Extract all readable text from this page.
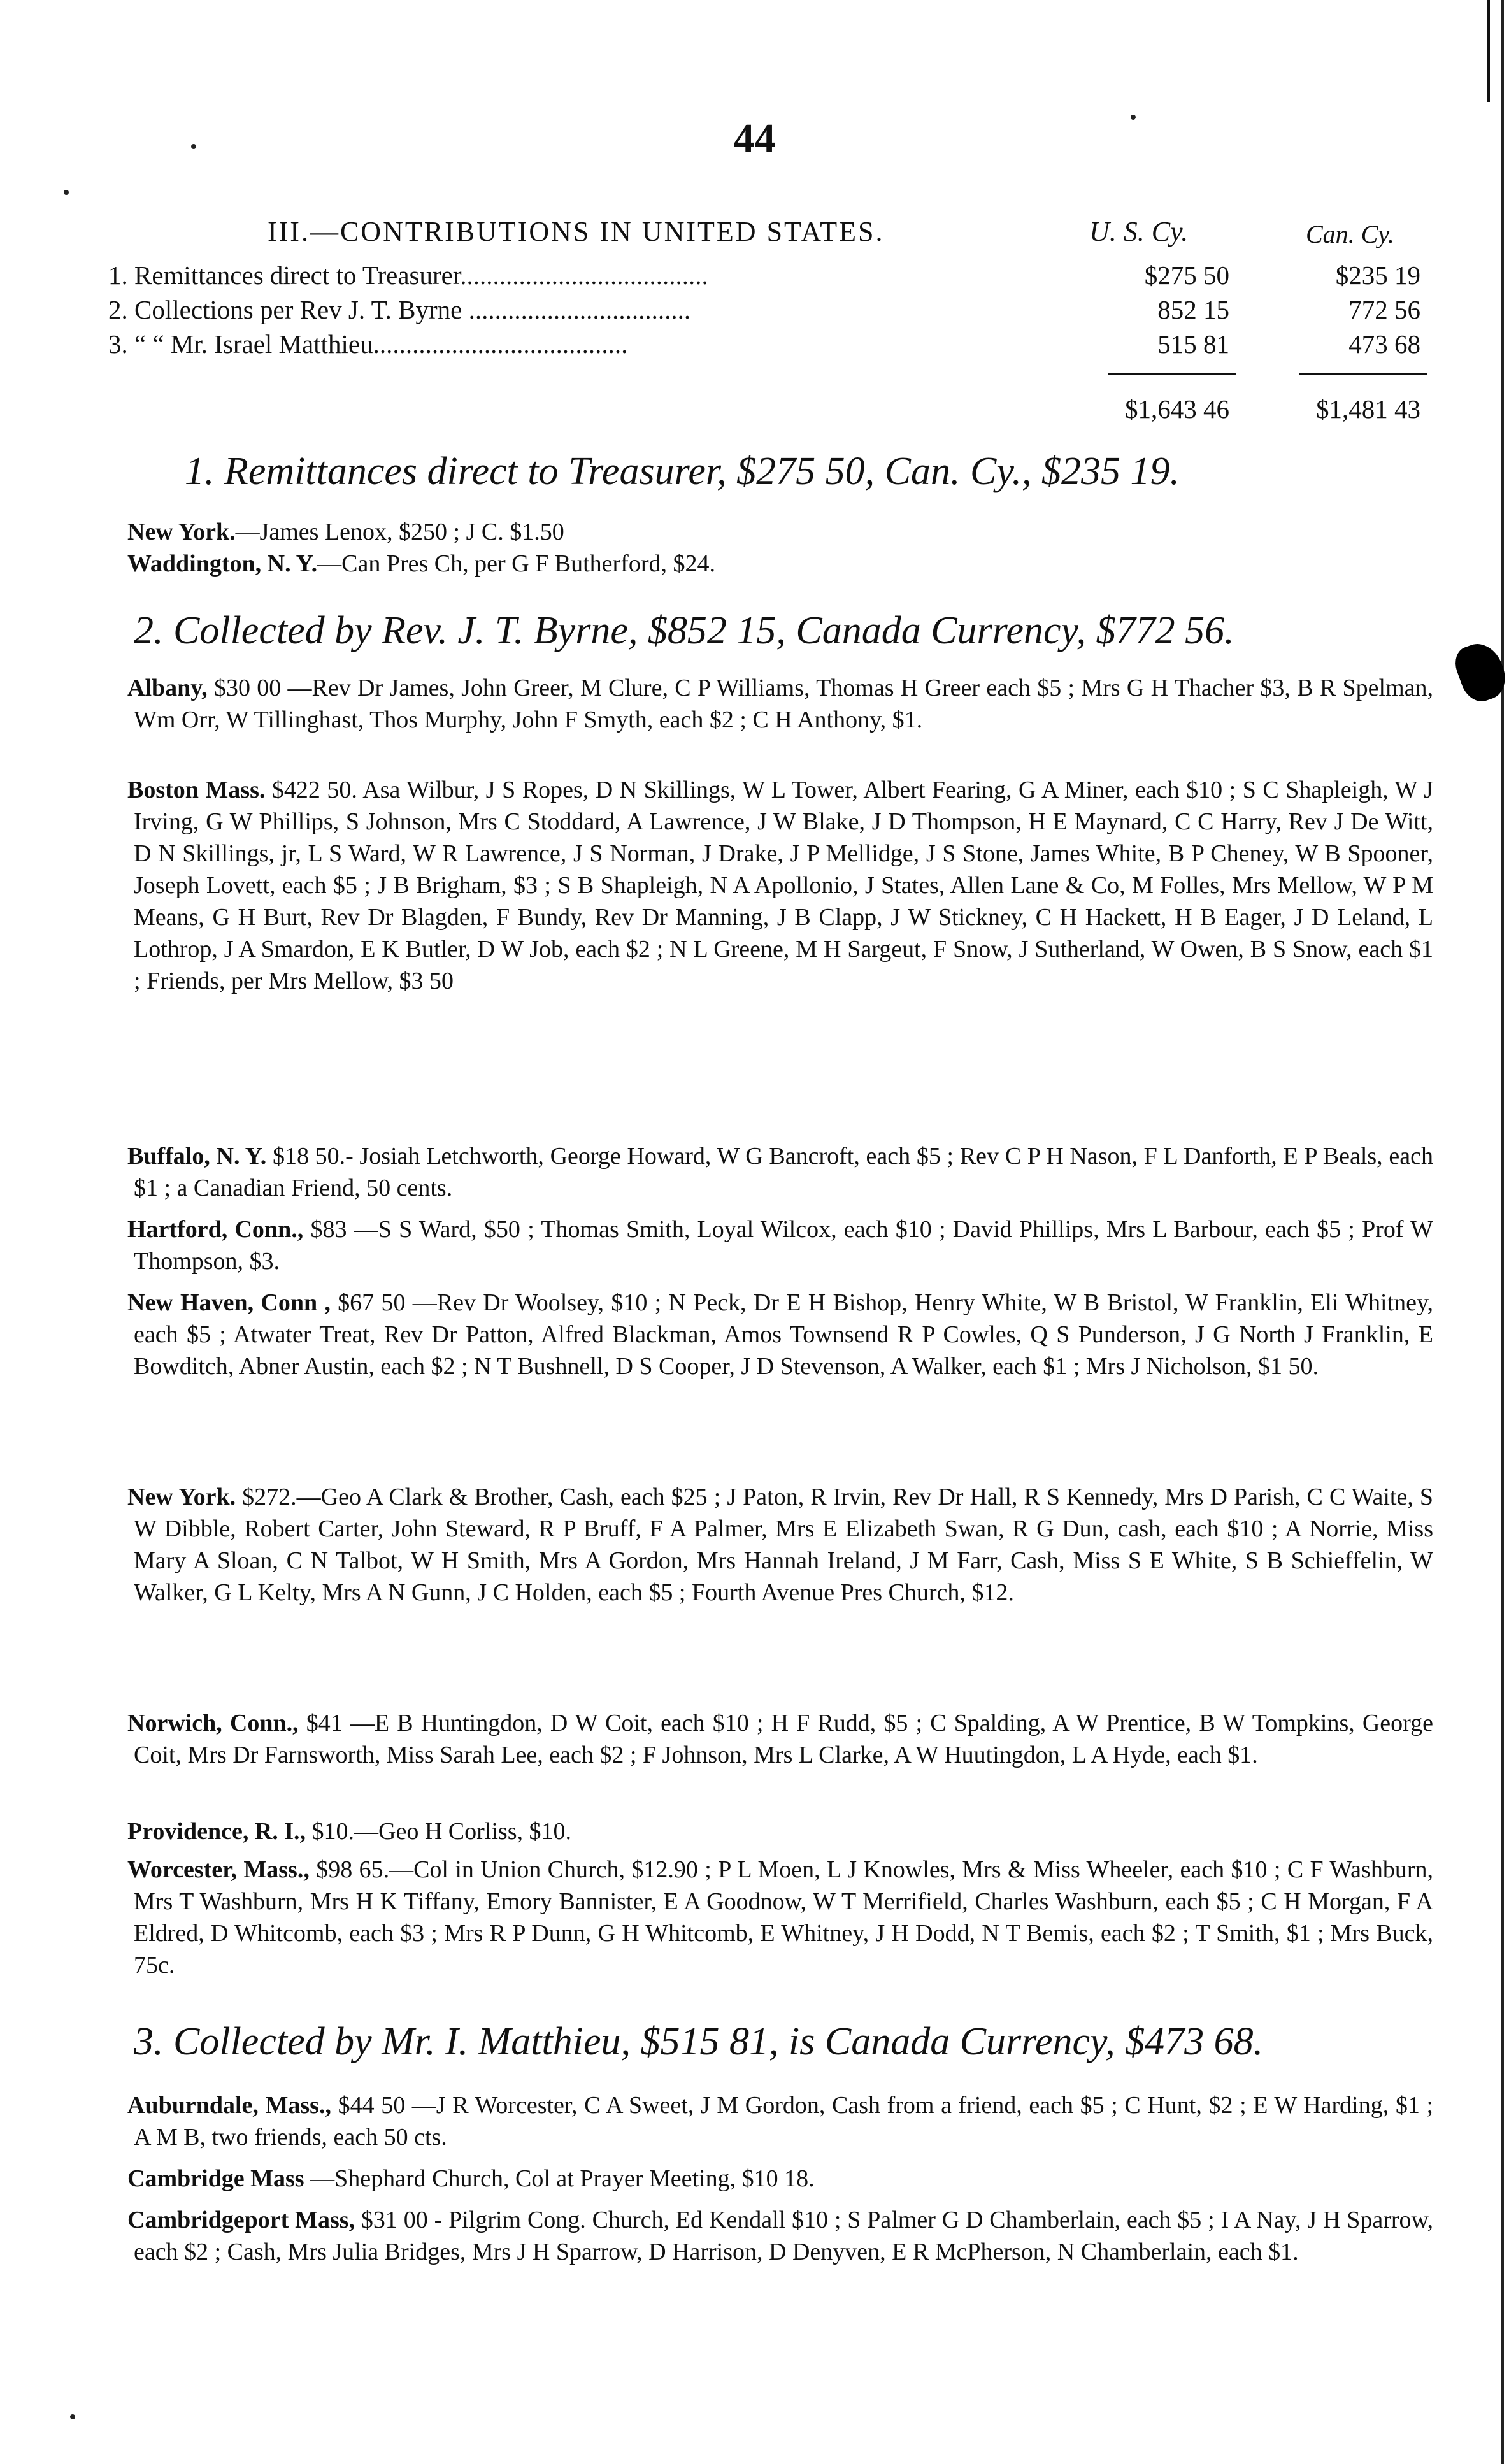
44
III.—CONTRIBUTIONS IN UNITED STATES.	U. S. Cy.	Can. Cy.
1. Remittances direct to Treasurer......................................	$275 50	$235 19
2. Collections per Rev J. T. Byrne ..................................	852 15	772 56
3. “ “ Mr. Israel Matthieu.......................................	515 81	473 68
$1,643 46	$1,481 43
1. Remittances direct to Treasurer, $275 50, Can. Cy., $235 19.
New York.—James Lenox, $250 ; J C. $1.50
Waddington, N. Y.—Can Pres Ch, per G F Butherford, $24.
2. Collected by Rev. J. T. Byrne, $852 15, Canada Currency, $772 56.
Albany, $30 00 —Rev Dr James, John Greer, M Clure, C P Williams, Thomas H Greer each $5 ; Mrs G H Thacher $3, B R Spelman, Wm Orr, W Tillinghast, Thos Murphy, John F Smyth, each $2 ; C H Anthony, $1.
Boston Mass. $422 50. Asa Wilbur, J S Ropes, D N Skillings, W L Tower, Albert Fearing, G A Miner, each $10 ; S C Shapleigh, W J Irving, G W Phillips, S Johnson, Mrs C Stoddard, A Lawrence, J W Blake, J D Thompson, H E Maynard, C C Harry, Rev J De Witt, D N Skillings, jr, L S Ward, W R Lawrence, J S Norman, J Drake, J P Mellidge, J S Stone, James White, B P Cheney, W B Spooner, Joseph Lovett, each $5 ; J B Brigham, $3 ; S B Shapleigh, N A Apollonio, J States, Allen Lane & Co, M Folles, Mrs Mellow, W P M Means, G H Burt, Rev Dr Blagden, F Bundy, Rev Dr Manning, J B Clapp, J W Stickney, C H Hackett, H B Eager, J D Leland, L Lothrop, J A Smardon, E K Butler, D W Job, each $2 ; N L Greene, M H Sargeut, F Snow, J Sutherland, W Owen, B S Snow, each $1 ; Friends, per Mrs Mellow, $3 50
Buffalo, N. Y. $18 50.- Josiah Letchworth, George Howard, W G Bancroft, each $5 ; Rev C P H Nason, F L Danforth, E P Beals, each $1 ; a Canadian Friend, 50 cents.
Hartford, Conn., $83 —S S Ward, $50 ; Thomas Smith, Loyal Wilcox, each $10 ; David Phillips, Mrs L Barbour, each $5 ; Prof W Thompson, $3.
New Haven, Conn , $67 50 —Rev Dr Woolsey, $10 ; N Peck, Dr E H Bishop, Henry White, W B Bristol, W Franklin, Eli Whitney, each $5 ; Atwater Treat, Rev Dr Patton, Alfred Blackman, Amos Townsend R P Cowles, Q S Punderson, J G North J Franklin, E Bowditch, Abner Austin, each $2 ; N T Bushnell, D S Cooper, J D Stevenson, A Walker, each $1 ; Mrs J Nicholson, $1 50.
New York. $272.—Geo A Clark & Brother, Cash, each $25 ; J Paton, R Irvin, Rev Dr Hall, R S Kennedy, Mrs D Parish, C C Waite, S W Dibble, Robert Carter, John Steward, R P Bruff, F A Palmer, Mrs E Elizabeth Swan, R G Dun, cash, each $10 ; A Norrie, Miss Mary A Sloan, C N Talbot, W H Smith, Mrs A Gordon, Mrs Hannah Ireland, J M Farr, Cash, Miss S E White, S B Schieffelin, W Walker, G L Kelty, Mrs A N Gunn, J C Holden, each $5 ; Fourth Avenue Pres Church, $12.
Norwich, Conn., $41 —E B Huntingdon, D W Coit, each $10 ; H F Rudd, $5 ; C Spalding, A W Prentice, B W Tompkins, George Coit, Mrs Dr Farnsworth, Miss Sarah Lee, each $2 ; F Johnson, Mrs L Clarke, A W Huutingdon, L A Hyde, each $1.
Providence, R. I., $10.—Geo H Corliss, $10.
Worcester, Mass., $98 65.—Col in Union Church, $12.90 ; P L Moen, L J Knowles, Mrs & Miss Wheeler, each $10 ; C F Washburn, Mrs T Washburn, Mrs H K Tiffany, Emory Bannister, E A Goodnow, W T Merrifield, Charles Washburn, each $5 ; C H Morgan, F A Eldred, D Whitcomb, each $3 ; Mrs R P Dunn, G H Whitcomb, E Whitney, J H Dodd, N T Bemis, each $2 ; T Smith, $1 ; Mrs Buck, 75c.
3. Collected by Mr. I. Matthieu, $515 81, is Canada Currency, $473 68.
Auburndale, Mass., $44 50 —J R Worcester, C A Sweet, J M Gordon, Cash from a friend, each $5 ; C Hunt, $2 ; E W Harding, $1 ; A M B, two friends, each 50 cts.
Cambridge Mass —Shephard Church, Col at Prayer Meeting, $10 18.
Cambridgeport Mass, $31 00 - Pilgrim Cong. Church, Ed Kendall $10 ; S Palmer G D Chamberlain, each $5 ; I A Nay, J H Sparrow, each $2 ; Cash, Mrs Julia Bridges, Mrs J H Sparrow, D Harrison, D Denyven, E R McPherson, N Chamberlain, each $1.
